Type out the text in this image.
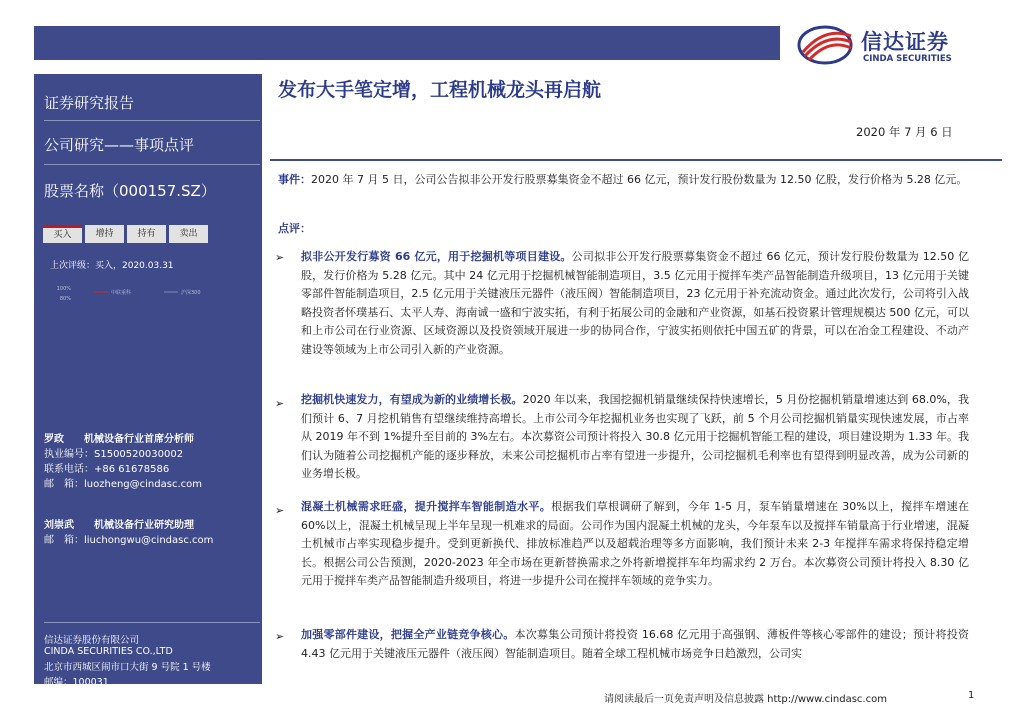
信达证券
CINDA SECURITIES
证券研究报告
公司研究——事项点评
股票名称（000157.SZ）
买入	增持	持有	卖出
上次评级：买入，2020.03.31
100%
80%
中联重科	沪深300
罗政　　 机械设备行业首席分析师
执业编号：S1500520030002
联系电话：+86 61678586
邮　箱：luozheng@cindasc.com
刘崇武　　 机械设备行业研究助理
邮　箱：liuchongwu@cindasc.com
信达证券股份有限公司
CINDA SECURITIES CO.,LTD
北京市西城区闹市口大街 9 号院 1 号楼
邮编：100031
发布大手笔定增，工程机械龙头再启航
2020 年 7 月 6 日
事件：2020 年 7 月 5 日，公司公告拟非公开发行股票募集资金不超过 66 亿元，预计发行股份数量为 12.50 亿股，发行价格为 5.28 亿元。
点评：
➢ 拟非公开发行募资 66 亿元，用于挖掘机等项目建设。公司拟非公开发行股票募集资金不超过 66 亿元，预计发行股份数量为 12.50 亿股，发行价格为 5.28 亿元。其中 24 亿元用于挖掘机械智能制造项目，3.5 亿元用于搅拌车类产品智能制造升级项目，13 亿元用于关键零部件智能制造项目，2.5 亿元用于关键液压元器件（液压阀）智能制造项目，23 亿元用于补充流动资金。通过此次发行，公司将引入战略投资者怀璞基石、太平人寿、海南诚一盛和宁波实拓，有利于拓展公司的金融和产业资源，如基石投资累计管理规模达 500 亿元，可以和上市公司在行业资源、区域资源以及投资领域开展进一步的协同合作，宁波实拓则依托中国五矿的背景，可以在冶金工程建设、不动产建设等领域为上市公司引入新的产业资源。
➢ 挖掘机快速发力，有望成为新的业绩增长极。2020 年以来，我国挖掘机销量继续保持快速增长，5 月份挖掘机销量增速达到 68.0%，我们预计 6、7 月挖机销售有望继续维持高增长。上市公司今年挖掘机业务也实现了飞跃，前 5 个月公司挖掘机销量实现快速发展，市占率从 2019 年不到 1%提升至目前的 3%左右。本次募资公司预计将投入 30.8 亿元用于挖掘机智能工程的建设，项目建设期为 1.33 年。我们认为随着公司挖掘机产能的逐步释放，未来公司挖掘机市占率有望进一步提升，公司挖掘机毛利率也有望得到明显改善，成为公司新的业务增长极。
➢ 混凝土机械需求旺盛，提升搅拌车智能制造水平。根据我们草根调研了解到，今年 1-5 月，泵车销量增速在 30%以上，搅拌车增速在 60%以上，混凝土机械呈现上半年呈现一机难求的局面。公司作为国内混凝土机械的龙头，今年泵车以及搅拌车销量高于行业增速，混凝土机械市占率实现稳步提升。受到更新换代、排放标准趋严以及超载治理等多方面影响，我们预计未来 2-3 年搅拌车需求将保持稳定增长。根据公司公告预测，2020-2023 年全市场在更新替换需求之外将新增搅拌车年均需求约 2 万台。本次募资公司预计将投入 8.30 亿元用于搅拌车类产品智能制造升级项目，将进一步提升公司在搅拌车领域的竞争实力。
➢ 加强零部件建设，把握全产业链竞争核心。本次募集公司预计将投资 16.68 亿元用于高强钢、薄板件等核心零部件的建设；预计将投资 4.43 亿元用于关键液压元器件（液压阀）智能制造项目。随着全球工程机械市场竞争日趋激烈，公司实
请阅读最后一页免责声明及信息披露 http://www.cindasc.com	1
